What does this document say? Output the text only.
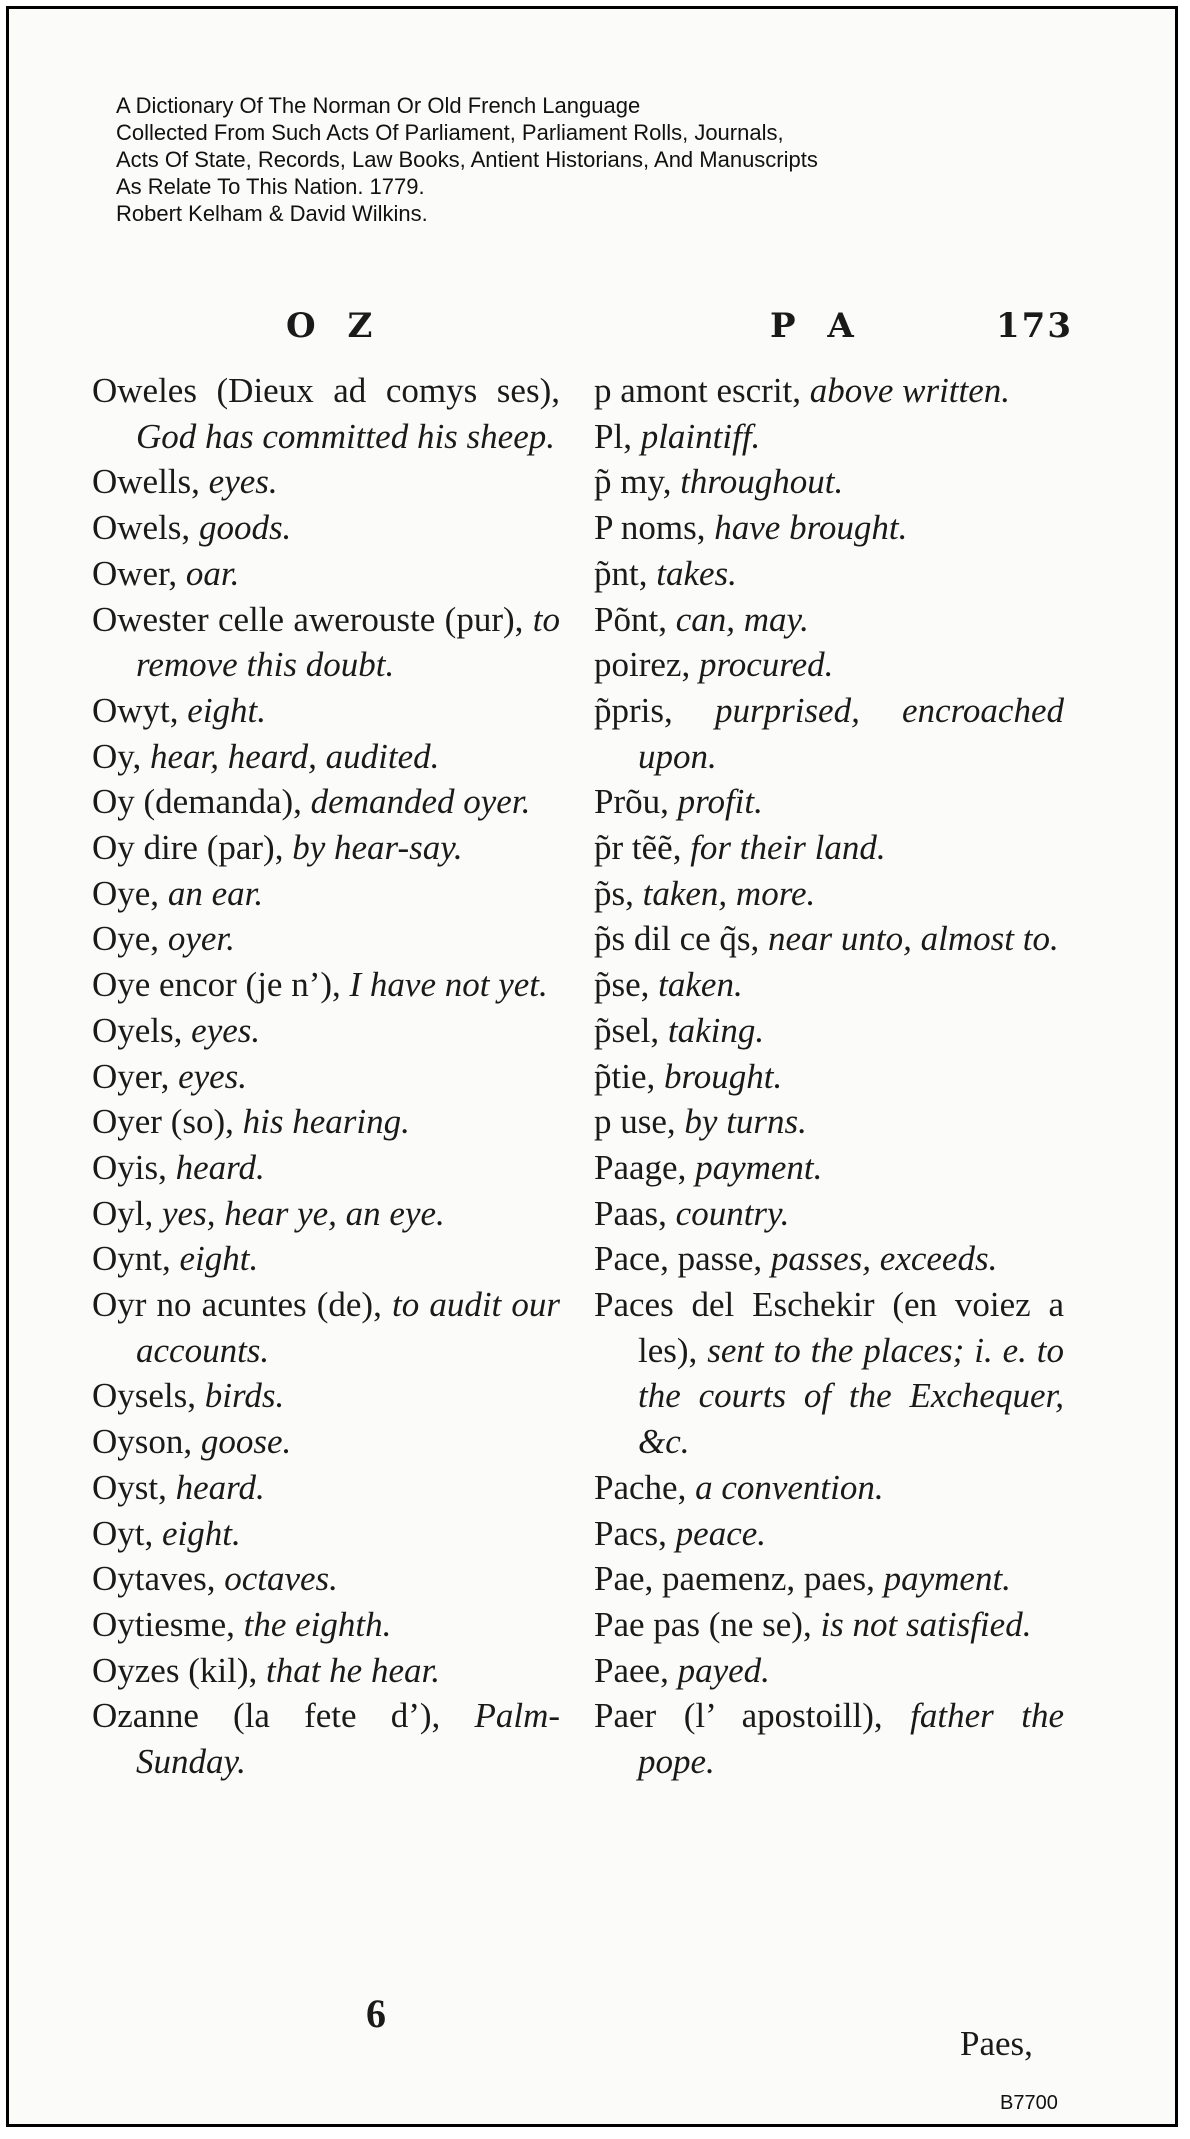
A Dictionary Of The Norman Or Old French Language
Collected From Such Acts Of Parliament, Parliament Rolls, Journals,
Acts Of State, Records, Law Books, Antient Historians, And Manuscripts
As Relate To This Nation. 1779.
Robert Kelham & David Wilkins.
O Z	P A	173
Oweles (Dieux ad comys ses), God has committed his sheep.
Owells, eyes.
Owels, goods.
Ower, oar.
Owester celle awerouste (pur), to remove this doubt.
Owyt, eight.
Oy, hear, heard, audited.
Oy (demanda), demanded oyer.
Oy dire (par), by hear-say.
Oye, an ear.
Oye, oyer.
Oye encor (je n’), I have not yet.
Oyels, eyes.
Oyer, eyes.
Oyer (so), his hearing.
Oyis, heard.
Oyl, yes, hear ye, an eye.
Oynt, eight.
Oyr no acuntes (de), to audit our accounts.
Oysels, birds.
Oyson, goose.
Oyst, heard.
Oyt, eight.
Oytaves, octaves.
Oytiesme, the eighth.
Oyzes (kil), that he hear.
Ozanne (la fete d’), Palm-Sunday.
p amont escrit, above written.
Pl, plaintiff.
p̃ my, throughout.
P noms, have brought.
p̃nt, takes.
Põnt, can, may.
poirez, procured.
p̃pris, purprised, encroached upon.
Prõu, profit.
p̃r tẽẽ, for their land.
p̃s, taken, more.
p̃s dil ce q̃s, near unto, almost to.
p̃se, taken.
p̃sel, taking.
p̃tie, brought.
p use, by turns.
Paage, payment.
Paas, country.
Pace, passe, passes, exceeds.
Paces del Eschekir (en voiez a les), sent to the places; i. e. to the courts of the Exchequer, &c.
Pache, a convention.
Pacs, peace.
Pae, paemenz, paes, payment.
Pae pas (ne se), is not satisfied.
Paee, payed.
Paer (l’ apostoill), father the pope.
6
Paes,
B7700
